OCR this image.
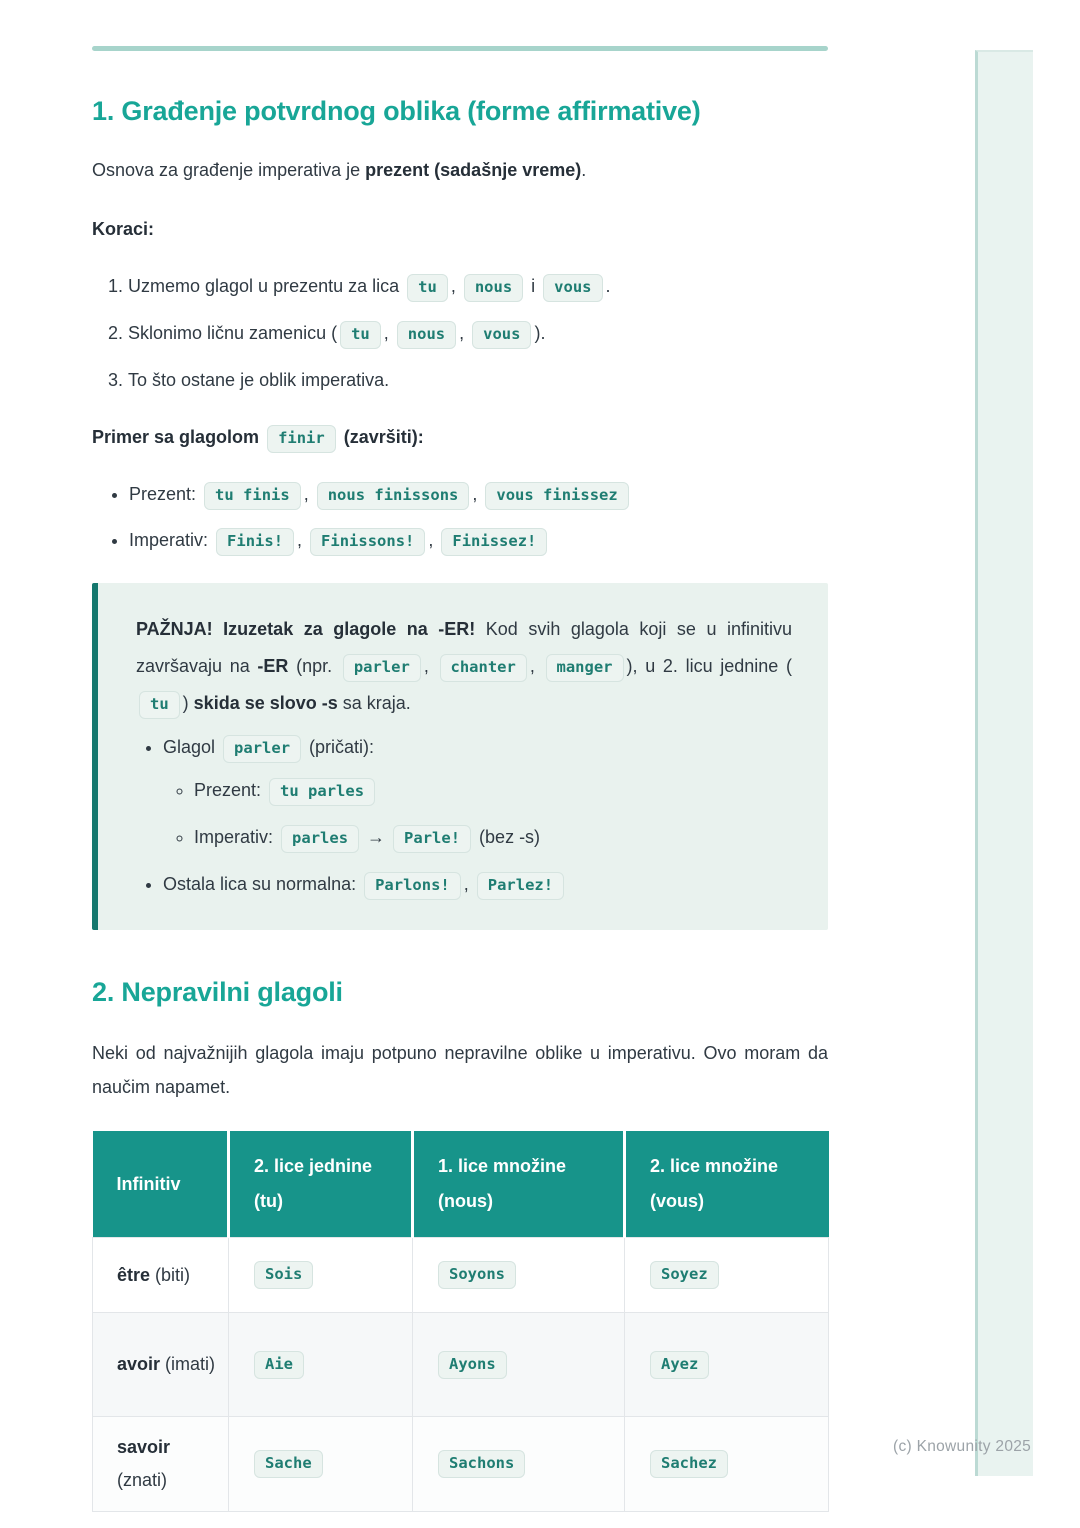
1. Građenje potvrdnog oblika (forme affirmative)

Osnova za građenje imperativa je prezent (sadašnje vreme).

Koraci:

1. Uzmemo glagol u prezentu za lica tu , nous i vous .
2. Sklonimo ličnu zamenicu ( tu , nous , vous ).
3. To što ostane je oblik imperativa.

Primer sa glagolom finir (završiti):

• Prezent: tu finis , nous finissons , vous finissez
• Imperativ: Finis! , Finissons! , Finissez!

PAŽNJA! Izuzetak za glagole na -ER! Kod svih glagola koji se u infinitivu završavaju na -ER (npr. parler , chanter , manger ), u 2. licu jednine (tu ) skida se slovo -s sa kraja.

• Glagol parler (pričati):
◦ Prezent: tu parles
◦ Imperativ: parles → Parle! (bez -s)
• Ostala lica su normalna: Parlons! , Parlez!
2. Nepravilni glagoli

Neki od najvažnijih glagola imaju potpuno nepravilne oblike u imperativu. Ovo moram da naučim napamet.

Infinitiv	2. lice jednine (tu)	1. lice množine (nous)	2. lice množine (vous)
être (biti)	Sois	Soyons	Soyez
avoir (imati)	Aie	Ayons	Ayez
savoir (znati)	Sache	Sachons	Sachez
(c) Knowunity 2025
